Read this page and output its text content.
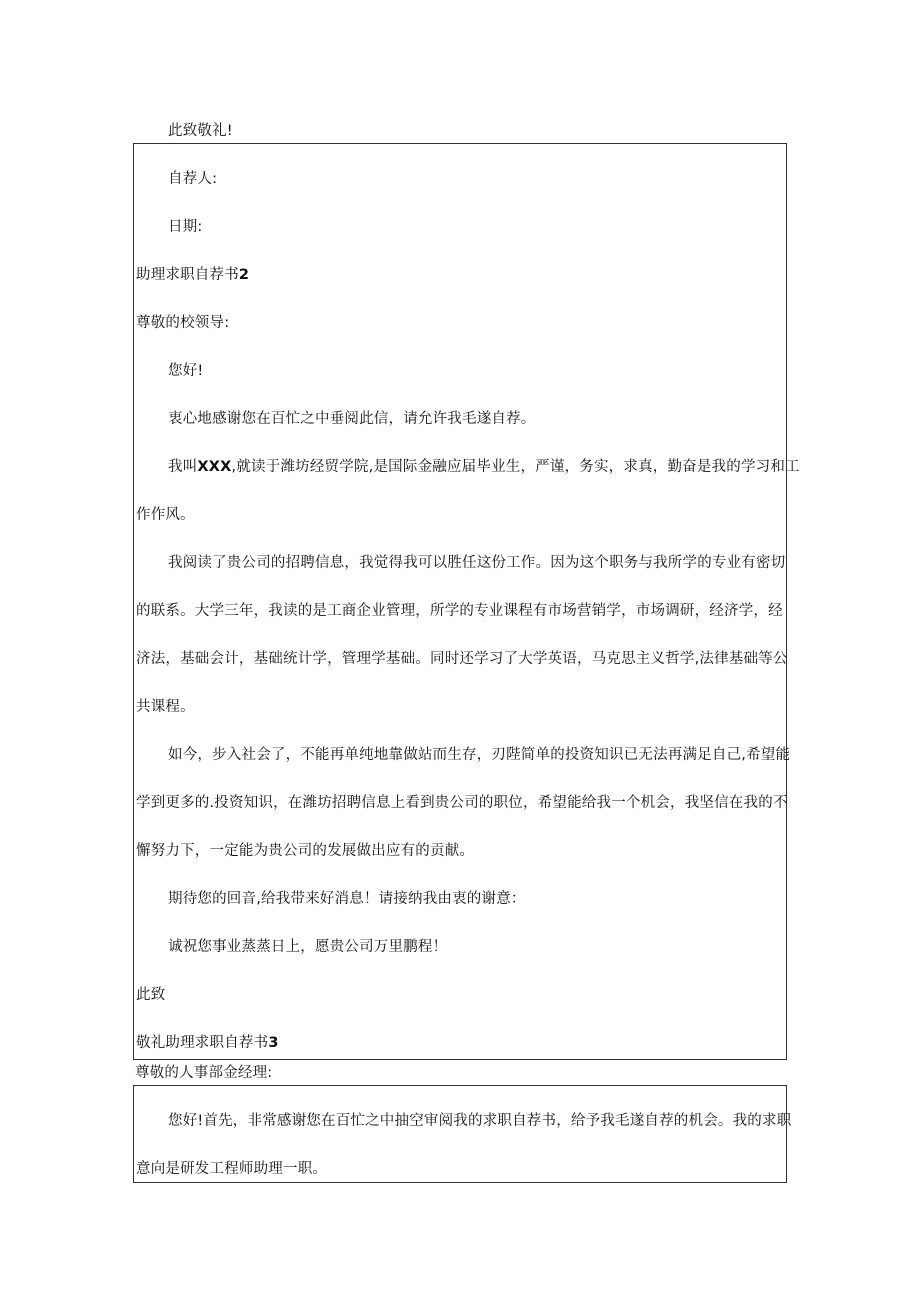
此致敬礼!
自荐人:
日期:
助理求职自荐书2
尊敬的校领导:
您好!
衷心地感谢您在百忙之中垂阅此信，请允许我毛遂自荐。
我叫XXX,就读于潍坊经贸学院,是国际金融应届毕业生，严谨，务实，求真，勤奋是我的学习和工
作作风。
我阅读了贵公司的招聘信息，我觉得我可以胜任这份工作。因为这个职务与我所学的专业有密切
的联系。大学三年，我读的是工商企业管理，所学的专业课程有市场营销学，市场调研，经济学，经
济法，基础会计，基础统计学，管理学基础。同时还学习了大学英语，马克思主义哲学,法律基础等公
共课程。
如今，步入社会了，不能再单纯地靠做站而生存，刃陛简单的投资知识已无法再满足自己,希望能
学到更多的.投资知识，在潍坊招聘信息上看到贵公司的职位，希望能给我一个机会，我坚信在我的不
懈努力下，一定能为贵公司的发展做出应有的贡献。
期待您的回音,给我带来好消息！请接纳我由衷的谢意：
诚祝您事业蒸蒸日上，愿贵公司万里鹏程！
此致
敬礼助理求职自荐书3
尊敬的人事部金经理:
您好!首先，非常感谢您在百忙之中抽空审阅我的求职自荐书，给予我毛遂自荐的机会。我的求职
意向是研发工程师助理一职。
